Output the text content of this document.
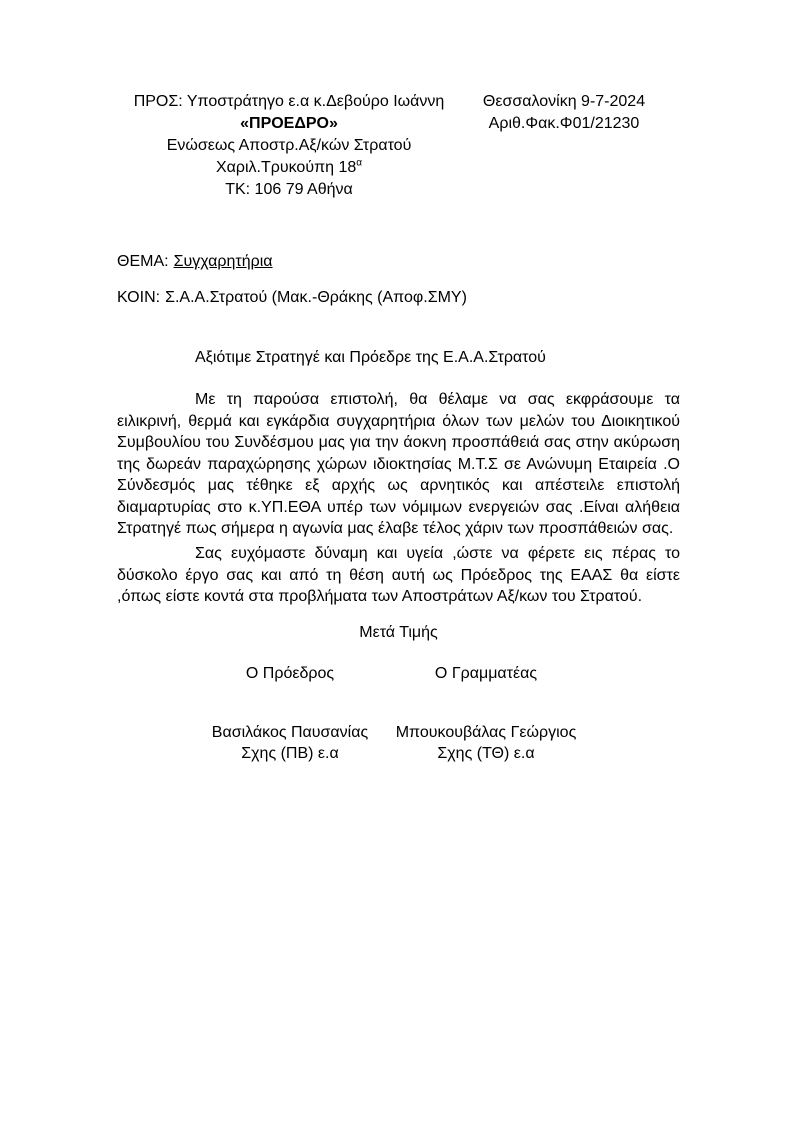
ΠΡΟΣ: Υποστράτηγο ε.α κ.Δεβούρο Ιωάννη
«ΠΡΟΕΔΡΟ»
Ενώσεως Αποστρ.Αξ/κών Στρατού
Χαριλ.Τρυκούπη $18^\alpha$
ΤΚ: 106 79 Αθήνα
Θεσσαλονίκη 9-7-2024
Αριθ.Φακ.Φ01/21230
ΘΕΜΑ: Συγχαρητήρια
ΚΟΙΝ: Σ.Α.Α.Στρατού (Μακ.-Θράκης (Αποφ.ΣΜΥ)
Αξιότιμε Στρατηγέ και Πρόεδρε της Ε.Α.Α.Στρατού

Με τη παρούσα επιστολή, θα θέλαμε να σας εκφράσουμε τα ειλικρινή, θερμά και εγκάρδια συγχαρητήρια όλων των μελών του Διοικητικού Συμβουλίου του Συνδέσμου μας για την άοκνη προσπάθειά σας στην ακύρωση της δωρεάν παραχώρησης χώρων ιδιοκτησίας Μ.Τ.Σ σε Ανώνυμη Εταιρεία .Ο Σύνδεσμός μας τέθηκε εξ αρχής ως αρνητικός και απέστειλε επιστολή διαμαρτυρίας στο κ.ΥΠ.ΕΘΑ υπέρ των νόμιμων ενεργειών σας .Είναι αλήθεια Στρατηγέ πως σήμερα η αγωνία μας έλαβε τέλος χάριν των προσπάθειών σας.

Σας ευχόμαστε δύναμη και υγεία ,ώστε να φέρετε εις πέρας το δύσκολο έργο σας και από τη θέση αυτή ως Πρόεδρος της ΕΑΑΣ θα είστε ,όπως είστε κοντά στα προβλήματα των Αποστράτων Αξ/κων του Στρατού.

Μετά Τιμής
Ο Πρόεδρος
Βασιλάκος Παυσανίας
Σχης (ΠΒ) ε.α
Ο Γραμματέας
Μπουκουβάλας Γεώργιος
Σχης (ΤΘ) ε.α
